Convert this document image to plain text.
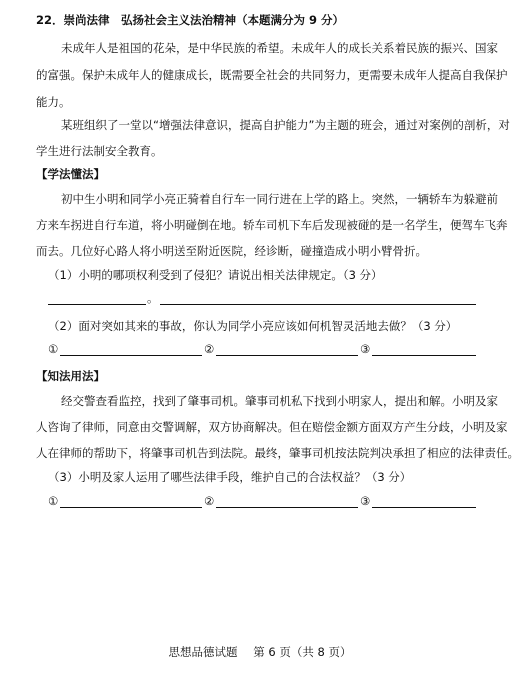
22．崇尚法律　弘扬社会主义法治精神（本题满分为 9 分）
未成年人是祖国的花朵，是中华民族的希望。未成年人的成长关系着民族的振兴、国家
的富强。保护未成年人的健康成长，既需要全社会的共同努力，更需要未成年人提高自我保护
能力。
某班组织了一堂以“增强法律意识，提高自护能力”为主题的班会，通过对案例的剖析，对
学生进行法制安全教育。
【学法懂法】
初中生小明和同学小亮正骑着自行车一同行进在上学的路上。突然，一辆轿车为躲避前
方来车拐进自行车道，将小明碰倒在地。轿车司机下车后发现被碰的是一名学生，便驾车飞奔
而去。几位好心路人将小明送至附近医院，经诊断，碰撞造成小明小臂骨折。
（1）小明的哪项权利受到了侵犯？请说出相关法律规定。（3 分）
。
（2）面对突如其来的事故，你认为同学小亮应该如何机智灵活地去做？（3 分）
①	②	③
【知法用法】
经交警查看监控，找到了肇事司机。肇事司机私下找到小明家人，提出和解。小明及家
人咨询了律师，同意由交警调解，双方协商解决。但在赔偿金额方面双方产生分歧，小明及家
人在律师的帮助下，将肇事司机告到法院。最终，肇事司机按法院判决承担了相应的法律责任。
（3）小明及家人运用了哪些法律手段，维护自己的合法权益？（3 分）
①	②	③
思想品德试题 第 6 页（共 8 页）
